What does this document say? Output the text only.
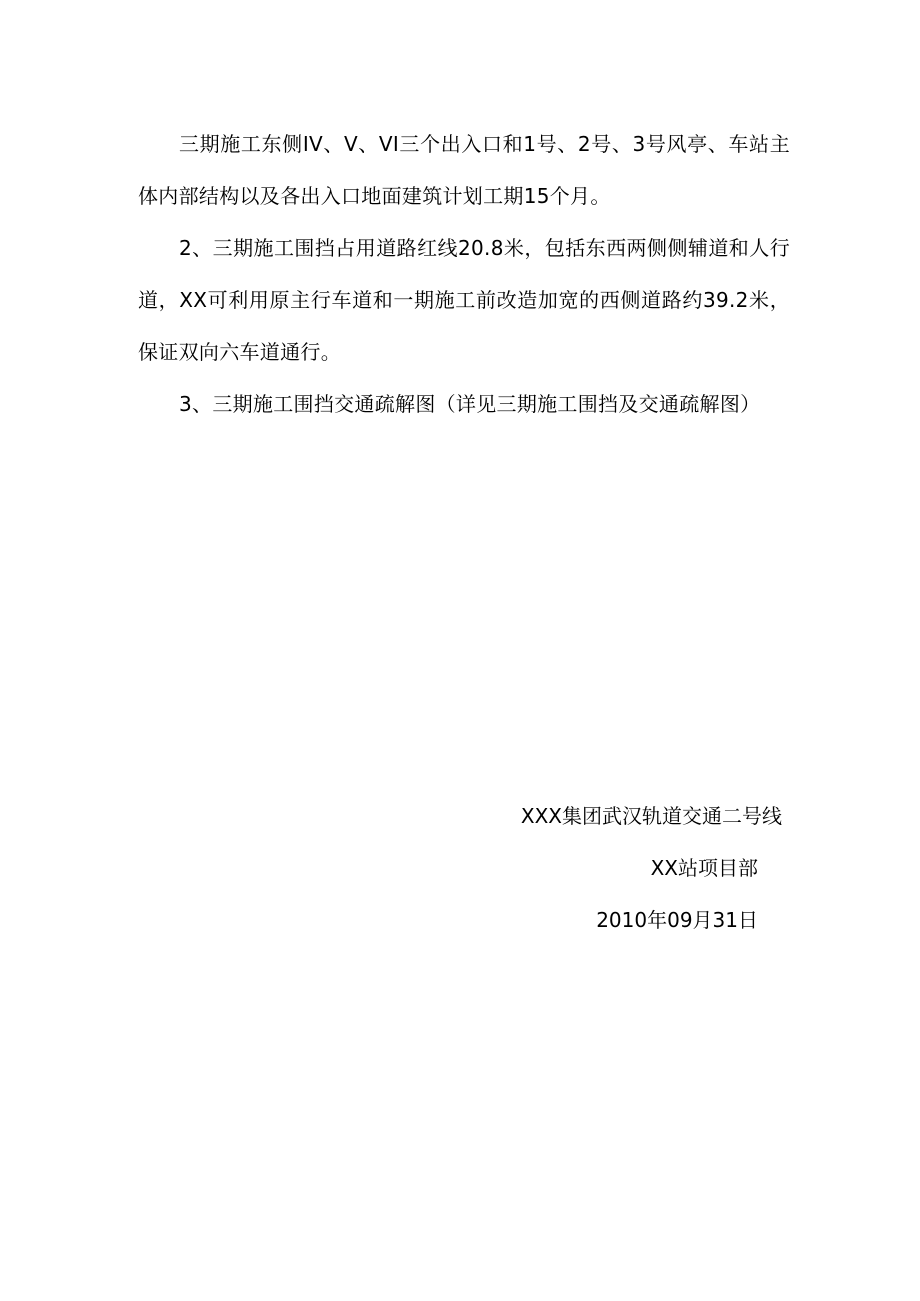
三期施工东侧IV、V、VI三个出入口和1号、2号、3号风亭、车站主体内部结构以及各出入口地面建筑计划工期15个月。

2、三期施工围挡占用道路红线20.8米，包括东西两侧侧辅道和人行道，XX可利用原主行车道和一期施工前改造加宽的西侧道路约39.2米，保证双向六车道通行。

3、三期施工围挡交通疏解图（详见三期施工围挡及交通疏解图）

XXX集团武汉轨道交通二号线

XX站项目部

2010年09月31日
